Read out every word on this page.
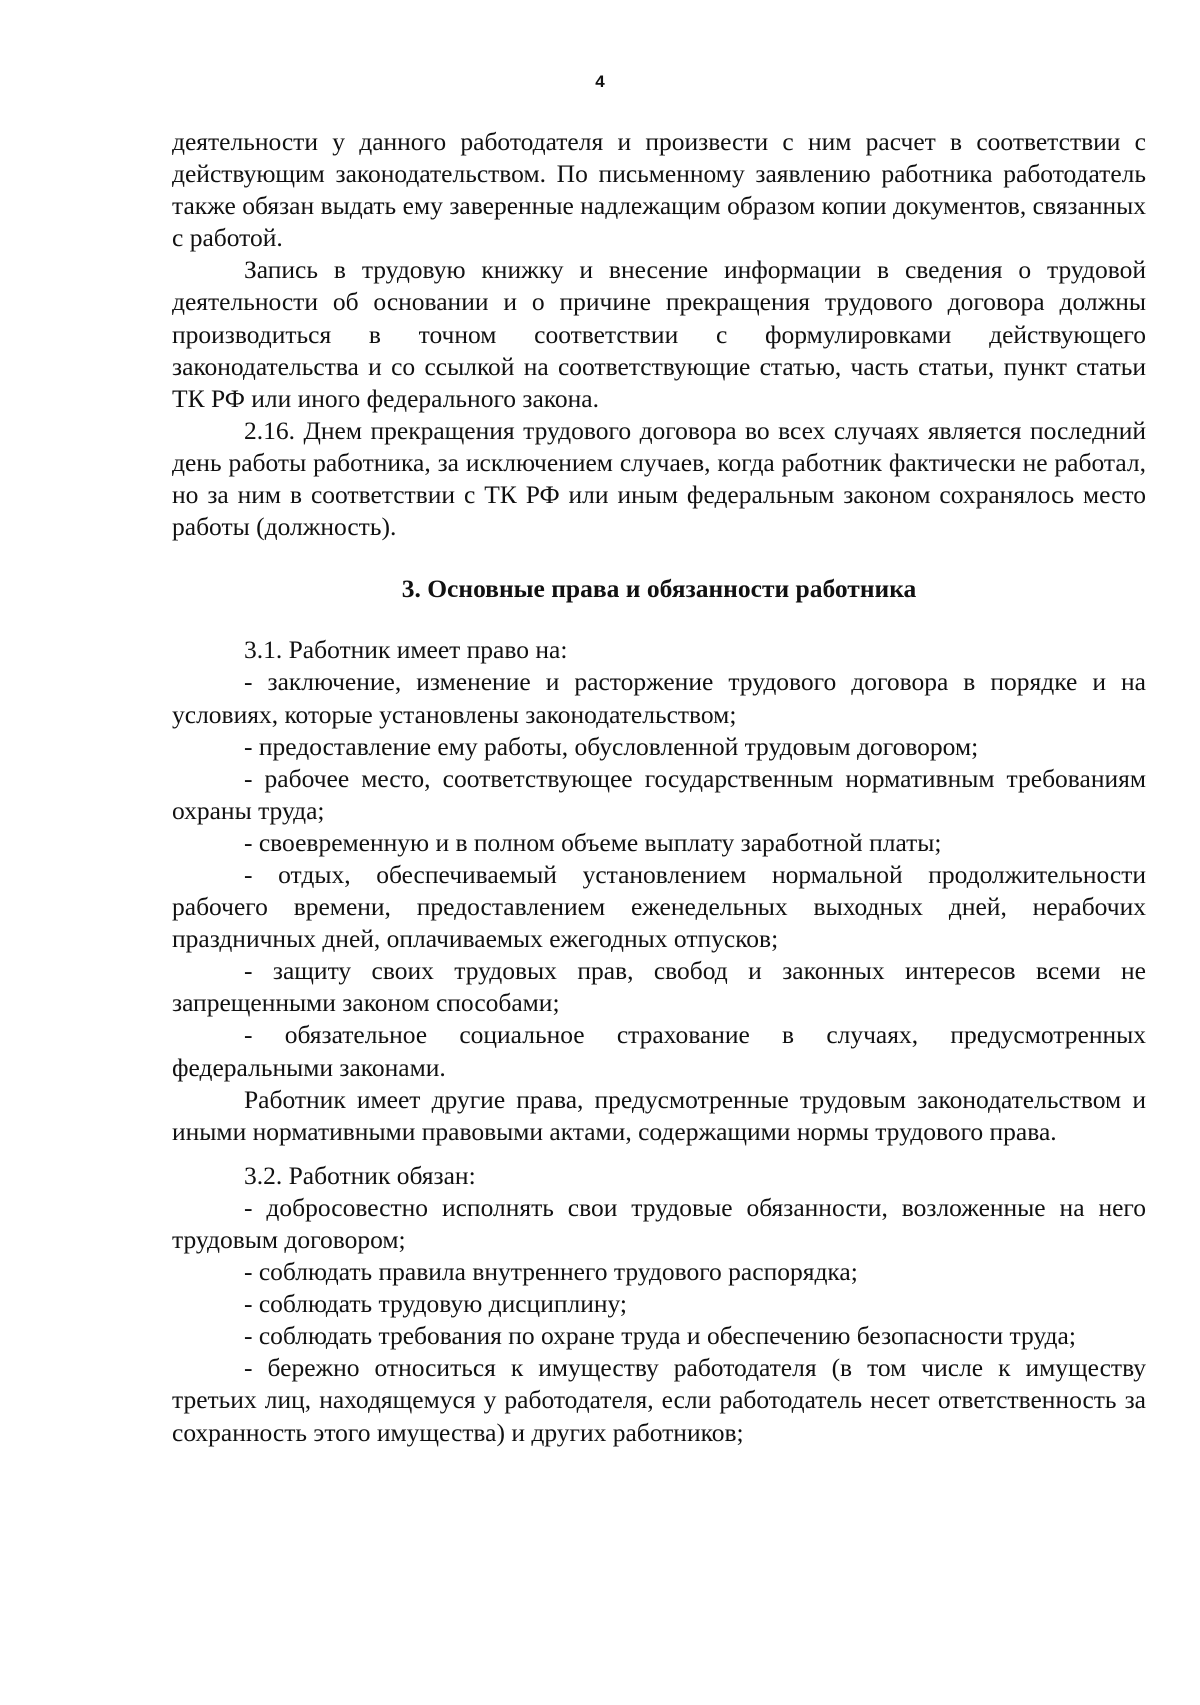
4

деятельности у данного работодателя и произвести с ним расчет в соответствии с действующим законодательством. По письменному заявлению работника работодатель также обязан выдать ему заверенные надлежащим образом копии документов, связанных с работой.

Запись в трудовую книжку и внесение информации в сведения о трудовой деятельности об основании и о причине прекращения трудового договора должны производиться в точном соответствии с формулировками действующего законодательства и со ссылкой на соответствующие статью, часть статьи, пункт статьи ТК РФ или иного федерального закона.

2.16. Днем прекращения трудового договора во всех случаях является последний день работы работника, за исключением случаев, когда работник фактически не работал, но за ним в соответствии с ТК РФ или иным федеральным законом сохранялось место работы (должность).

3. Основные права и обязанности работника

3.1. Работник имеет право на:

- заключение, изменение и расторжение трудового договора в порядке и на условиях, которые установлены законодательством;

- предоставление ему работы, обусловленной трудовым договором;

- рабочее место, соответствующее государственным нормативным требованиям охраны труда;

- своевременную и в полном объеме выплату заработной платы;

- отдых, обеспечиваемый установлением нормальной продолжительности рабочего времени, предоставлением еженедельных выходных дней, нерабочих праздничных дней, оплачиваемых ежегодных отпусков;

- защиту своих трудовых прав, свобод и законных интересов всеми не запрещенными законом способами;

- обязательное социальное страхование в случаях, предусмотренных федеральными законами.

Работник имеет другие права, предусмотренные трудовым законодательством и иными нормативными правовыми актами, содержащими нормы трудового права.

3.2. Работник обязан:

- добросовестно исполнять свои трудовые обязанности, возложенные на него трудовым договором;

- соблюдать правила внутреннего трудового распорядка;

- соблюдать трудовую дисциплину;

- соблюдать требования по охране труда и обеспечению безопасности труда;

- бережно относиться к имуществу работодателя (в том числе к имуществу третьих лиц, находящемуся у работодателя, если работодатель несет ответственность за сохранность этого имущества) и других работников;
